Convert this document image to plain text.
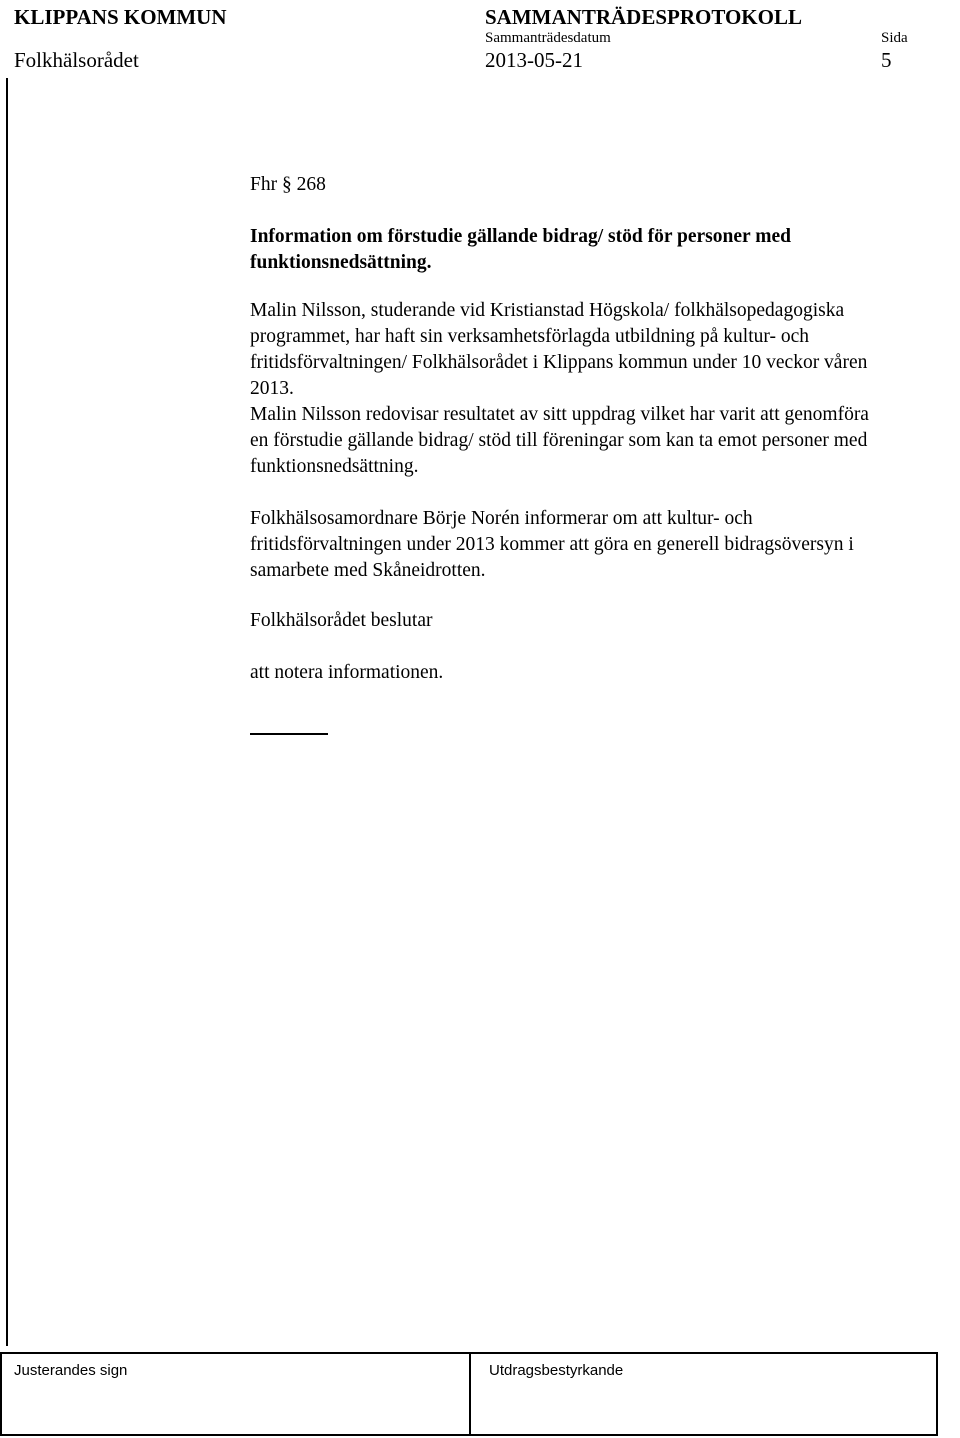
KLIPPANS KOMMUN	SAMMANTRÄDESPROTOKOLL
Sammanträdesdatum	Sida
Folkhälsorådet	2013-05-21	5
Fhr § 268
Information om förstudie gällande bidrag/ stöd för personer med
funktionsnedsättning.
Malin Nilsson, studerande vid Kristianstad Högskola/ folkhälsopedagogiska
programmet, har haft sin verksamhetsförlagda utbildning på kultur- och
fritidsförvaltningen/ Folkhälsorådet i Klippans kommun under 10 veckor våren
2013.
Malin Nilsson redovisar resultatet av sitt uppdrag vilket har varit att genomföra
en förstudie gällande bidrag/ stöd till föreningar som kan ta emot personer med
funktionsnedsättning.
Folkhälsosamordnare Börje Norén informerar om att kultur- och
fritidsförvaltningen under 2013 kommer att göra en generell bidragsöversyn i
samarbete med Skåneidrotten.
Folkhälsorådet beslutar
att notera informationen.
Justerandes sign	Utdragsbestyrkande
